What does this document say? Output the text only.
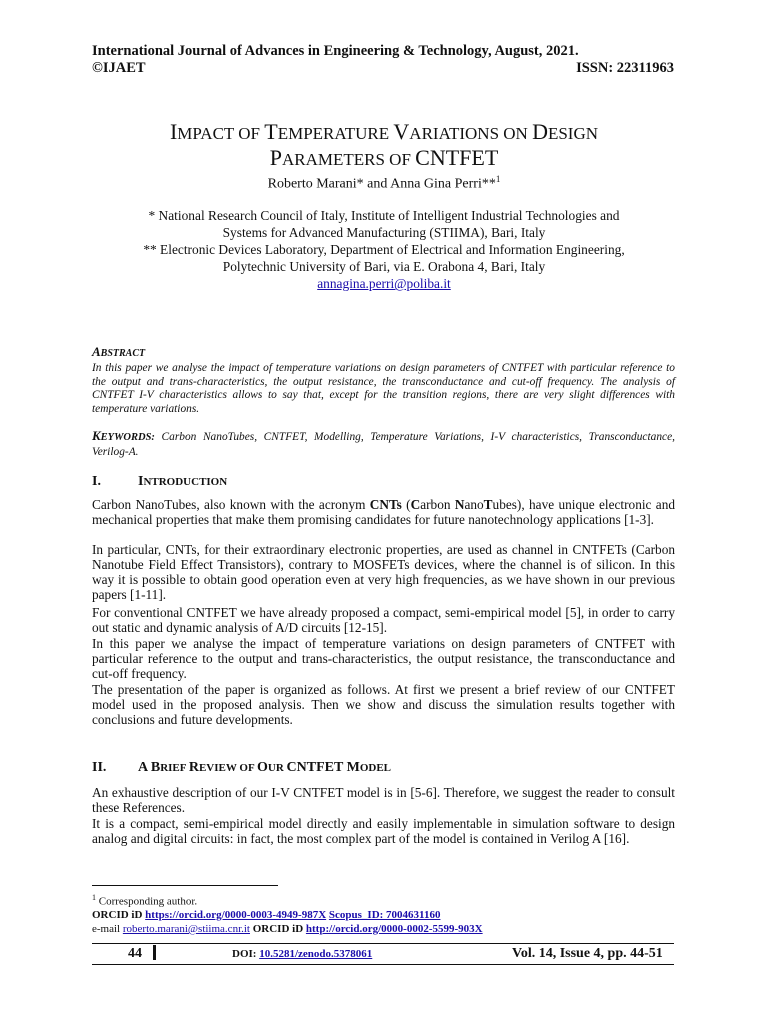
International Journal of Advances in Engineering & Technology, August, 2021.
©IJAET	ISSN: 22311963
IMPACT OF TEMPERATURE VARIATIONS ON DESIGN
PARAMETERS OF CNTFET
Roberto Marani* and Anna Gina Perri**$^1$
* National Research Council of Italy, Institute of Intelligent Industrial Technologies and
Systems for Advanced Manufacturing (STIIMA), Bari, Italy
** Electronic Devices Laboratory, Department of Electrical and Information Engineering,
Polytechnic University of Bari, via E. Orabona 4, Bari, Italy
annagina.perri@poliba.it
ABSTRACT
In this paper we analyse the impact of temperature variations on design parameters of CNTFET with particular reference to the output and trans-characteristics, the output resistance, the transconductance and cut-off frequency. The analysis of CNTFET I-V characteristics allows to say that, except for the transition regions, there are very slight differences with temperature variations.
KEYWORDS: Carbon NanoTubes, CNTFET, Modelling, Temperature Variations, I-V characteristics, Transconductance, Verilog-A.
I.	INTRODUCTION
Carbon NanoTubes, also known with the acronym CNTs (Carbon NanoTubes), have unique electronic and mechanical properties that make them promising candidates for future nanotechnology applications [1-3].
In particular, CNTs, for their extraordinary electronic properties, are used as channel in CNTFETs (Carbon Nanotube Field Effect Transistors), contrary to MOSFETs devices, where the channel is of silicon. In this way it is possible to obtain good operation even at very high frequencies, as we have shown in our previous papers [1-11].
For conventional CNTFET we have already proposed a compact, semi-empirical model [5], in order to carry out static and dynamic analysis of A/D circuits [12-15].
In this paper we analyse the impact of temperature variations on design parameters of CNTFET with particular reference to the output and trans-characteristics, the output resistance, the transconductance and cut-off frequency.
The presentation of the paper is organized as follows. At first we present a brief review of our CNTFET model used in the proposed analysis. Then we show and discuss the simulation results together with conclusions and future developments.
II. A BRIEF REVIEW OF OUR CNTFET MODEL
An exhaustive description of our I-V CNTFET model is in [5-6]. Therefore, we suggest the reader to consult these References.
It is a compact, semi-empirical model directly and easily implementable in simulation software to design analog and digital circuits: in fact, the most complex part of the model is contained in Verilog A [16].
$^1$ Corresponding author.
ORCID iD https://orcid.org/0000-0003-4949-987X Scopus_ID: 7004631160
e-mail roberto.marani@stiima.cnr.it ORCID iD http://orcid.org/0000-0002-5599-903X
44	DOI: 10.5281/zenodo.5378061	Vol. 14, Issue 4, pp. 44-51
